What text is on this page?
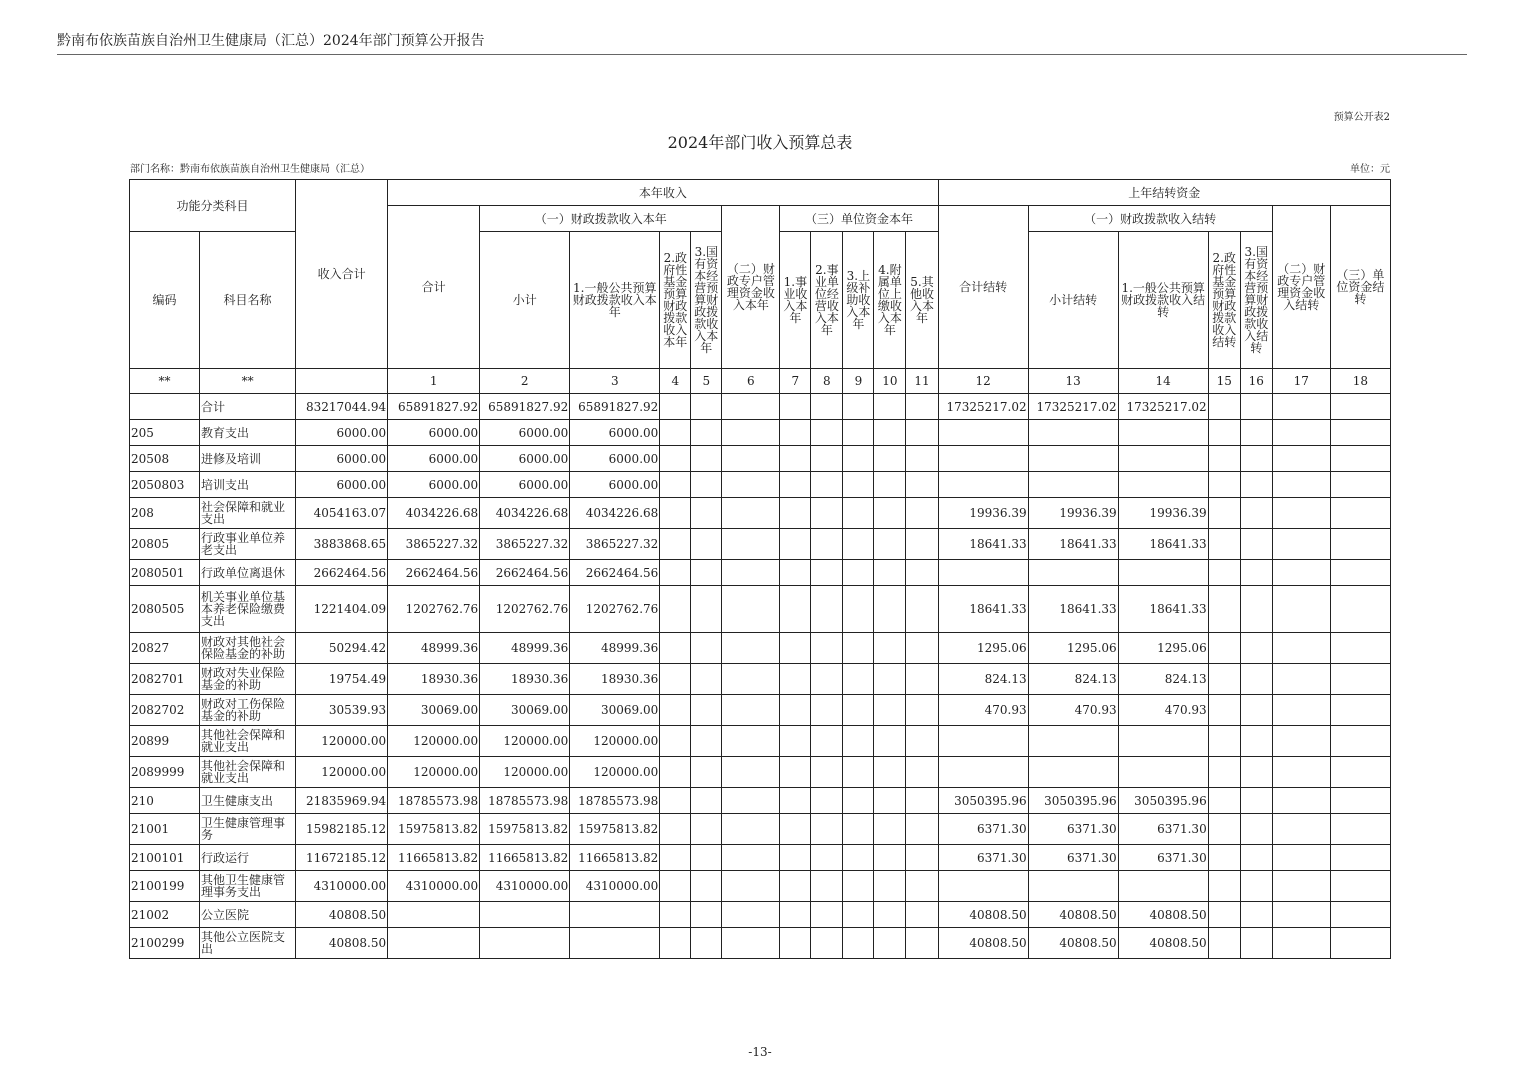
黔南布依族苗族自治州卫生健康局（汇总）2024年部门预算公开报告
预算公开表2
2024年部门收入预算总表
部门名称：黔南布依族苗族自治州卫生健康局（汇总）	单位：元
功能分类科目		收入合计	本年收入											上年结转资金						
			合计	（一）财政拨款收入本年				（二）财政专户管理资金收入本年	（三）单位资金本年					合计结转	（一）财政拨款收入结转				（二）财政专户管理资金收入结转	（三）单位资金结转
编码	科目名称			小计	1.一般公共预算财政拨款收入本年	2.政府性基金预算财政拨款收入本年	3.国有资本经营预算财政拨款收入本年		1.事业收入本年	2.事业单位经营收入本年	3.上级补助收入本年	4.附属单位上缴收入本年	5.其他收入本年		小计结转	1.一般公共预算财政拨款收入结转	2.政府性基金预算财政拨款收入结转	3.国有资本经营预算财政拨款收入结转		
**	**		1	2	3	4	5	6	7	8	9	10	11	12	13	14	15	16	17	18
	合计	83217044.94	65891827.92	65891827.92	65891827.92									17325217.02	17325217.02	17325217.02				
205	教育支出	6000.00	6000.00	6000.00	6000.00															
20508	进修及培训	6000.00	6000.00	6000.00	6000.00															
2050803	培训支出	6000.00	6000.00	6000.00	6000.00															
208	社会保障和就业支出	4054163.07	4034226.68	4034226.68	4034226.68									19936.39	19936.39	19936.39				
20805	行政事业单位养老支出	3883868.65	3865227.32	3865227.32	3865227.32									18641.33	18641.33	18641.33				
2080501	行政单位离退休	2662464.56	2662464.56	2662464.56	2662464.56															
2080505	机关事业单位基本养老保险缴费支出	1221404.09	1202762.76	1202762.76	1202762.76									18641.33	18641.33	18641.33				
20827	财政对其他社会保险基金的补助	50294.42	48999.36	48999.36	48999.36									1295.06	1295.06	1295.06				
2082701	财政对失业保险基金的补助	19754.49	18930.36	18930.36	18930.36									824.13	824.13	824.13				
2082702	财政对工伤保险基金的补助	30539.93	30069.00	30069.00	30069.00									470.93	470.93	470.93				
20899	其他社会保障和就业支出	120000.00	120000.00	120000.00	120000.00															
2089999	其他社会保障和就业支出	120000.00	120000.00	120000.00	120000.00															
210	卫生健康支出	21835969.94	18785573.98	18785573.98	18785573.98									3050395.96	3050395.96	3050395.96				
21001	卫生健康管理事务	15982185.12	15975813.82	15975813.82	15975813.82									6371.30	6371.30	6371.30				
2100101	行政运行	11672185.12	11665813.82	11665813.82	11665813.82									6371.30	6371.30	6371.30				
2100199	其他卫生健康管理事务支出	4310000.00	4310000.00	4310000.00	4310000.00															
21002	公立医院	40808.50												40808.50	40808.50	40808.50				
2100299	其他公立医院支出	40808.50												40808.50	40808.50	40808.50				
-13-
